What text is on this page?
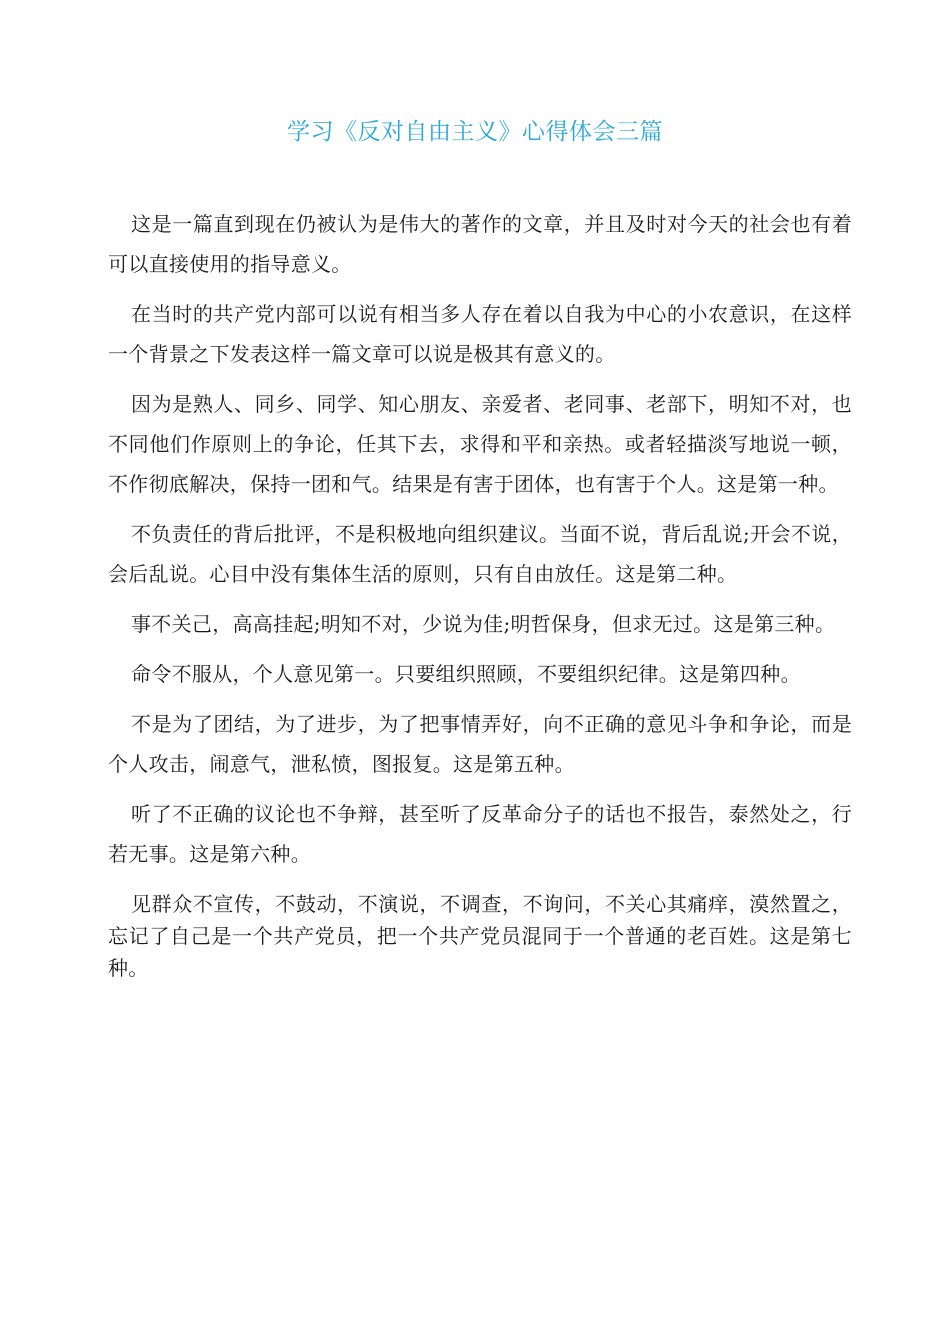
学习《反对自由主义》心得体会三篇

这是一篇直到现在仍被认为是伟大的著作的文章，并且及时对今天的社会也有着可以直接使用的指导意义。

在当时的共产党内部可以说有相当多人存在着以自我为中心的小农意识，在这样一个背景之下发表这样一篇文章可以说是极其有意义的。

因为是熟人、同乡、同学、知心朋友、亲爱者、老同事、老部下，明知不对，也不同他们作原则上的争论，任其下去，求得和平和亲热。或者轻描淡写地说一顿，不作彻底解决，保持一团和气。结果是有害于团体，也有害于个人。这是第一种。

不负责任的背后批评，不是积极地向组织建议。当面不说，背后乱说;开会不说，会后乱说。心目中没有集体生活的原则，只有自由放任。这是第二种。

事不关己，高高挂起;明知不对，少说为佳;明哲保身，但求无过。这是第三种。

命令不服从，个人意见第一。只要组织照顾，不要组织纪律。这是第四种。

不是为了团结，为了进步，为了把事情弄好，向不正确的意见斗争和争论，而是个人攻击，闹意气，泄私愤，图报复。这是第五种。

听了不正确的议论也不争辩，甚至听了反革命分子的话也不报告，泰然处之，行若无事。这是第六种。

见群众不宣传，不鼓动，不演说，不调查，不询问，不关心其痛痒，漠然置之，忘记了自己是一个共产党员，把一个共产党员混同于一个普通的老百姓。这是第七种。
